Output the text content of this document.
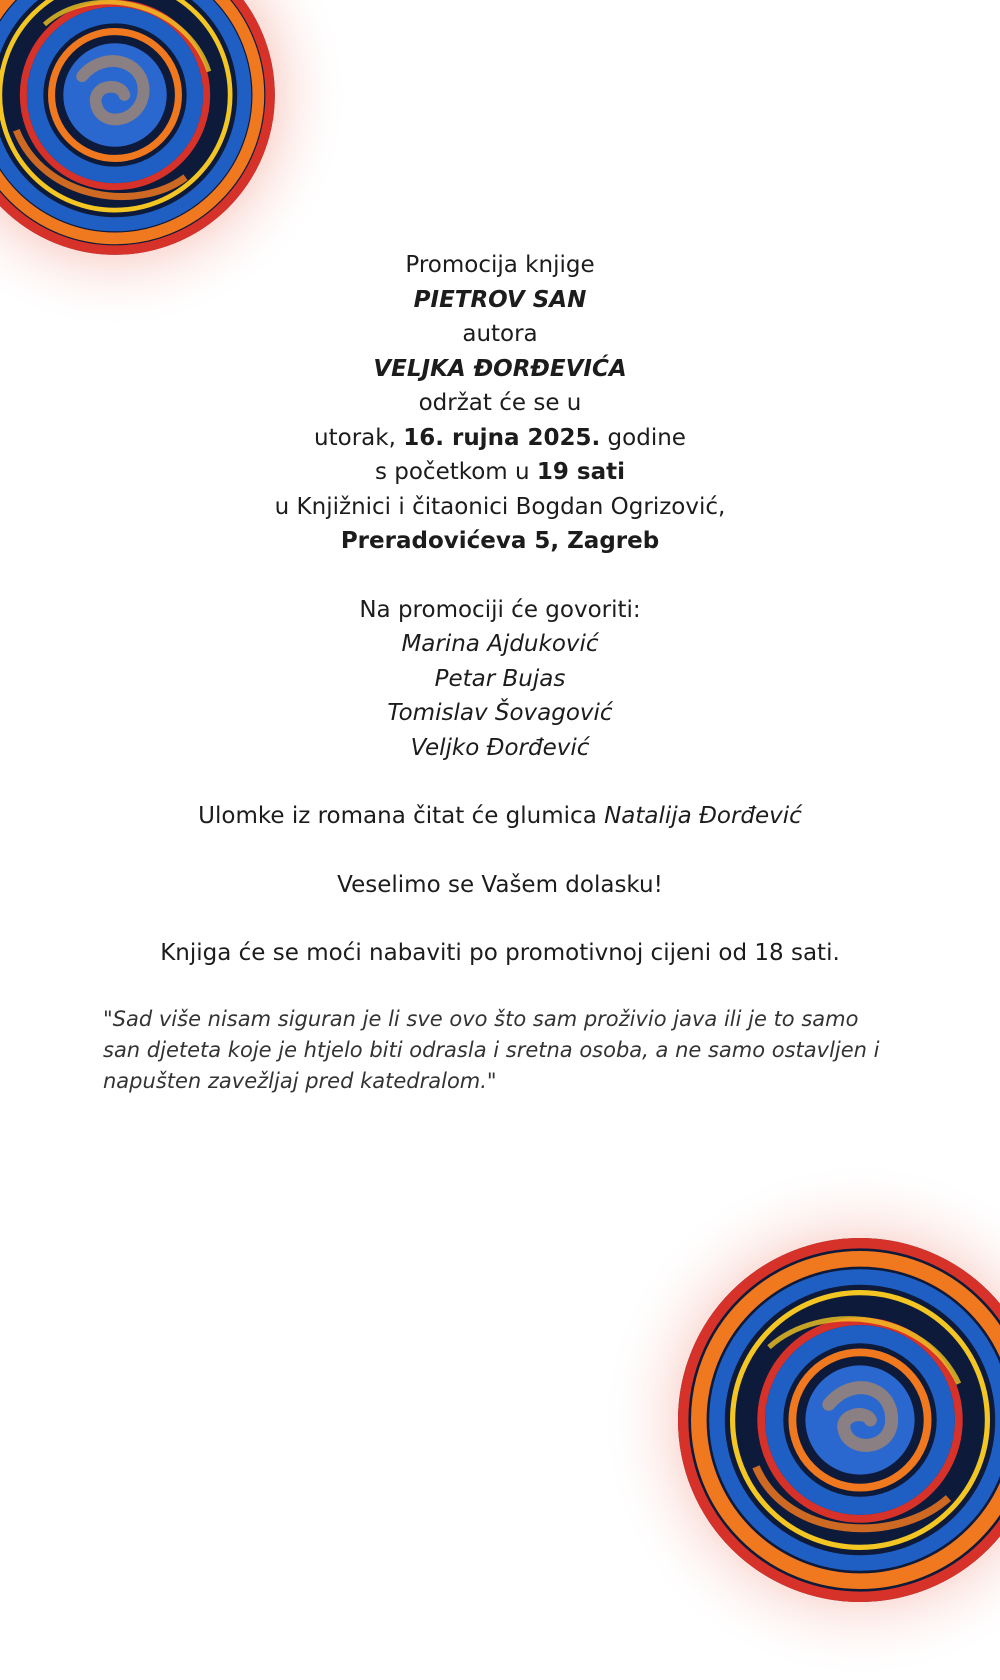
Promocija knjige

PIETROV SAN

autora

VELJKA ĐORĐEVIĆA

održat će se u

utorak, 16. rujna 2025. godine

s početkom u 19 sati

u Knjižnici i čitaonici Bogdan Ogrizović,

Preradovićeva 5, Zagreb

Na promociji će govoriti:

Marina Ajduković

Petar Bujas

Tomislav Šovagović

Veljko Đorđević

Ulomke iz romana čitat će glumica Natalija Đorđević

Veselimo se Vašem dolasku!

Knjiga će se moći nabaviti po promotivnoj cijeni od 18 sati.

"Sad više nisam siguran je li sve ovo što sam proživio java ili je to samo san djeteta koje je htjelo biti odrasla i sretna osoba, a ne samo ostavljen i napušten zavežljaj pred katedralom."
